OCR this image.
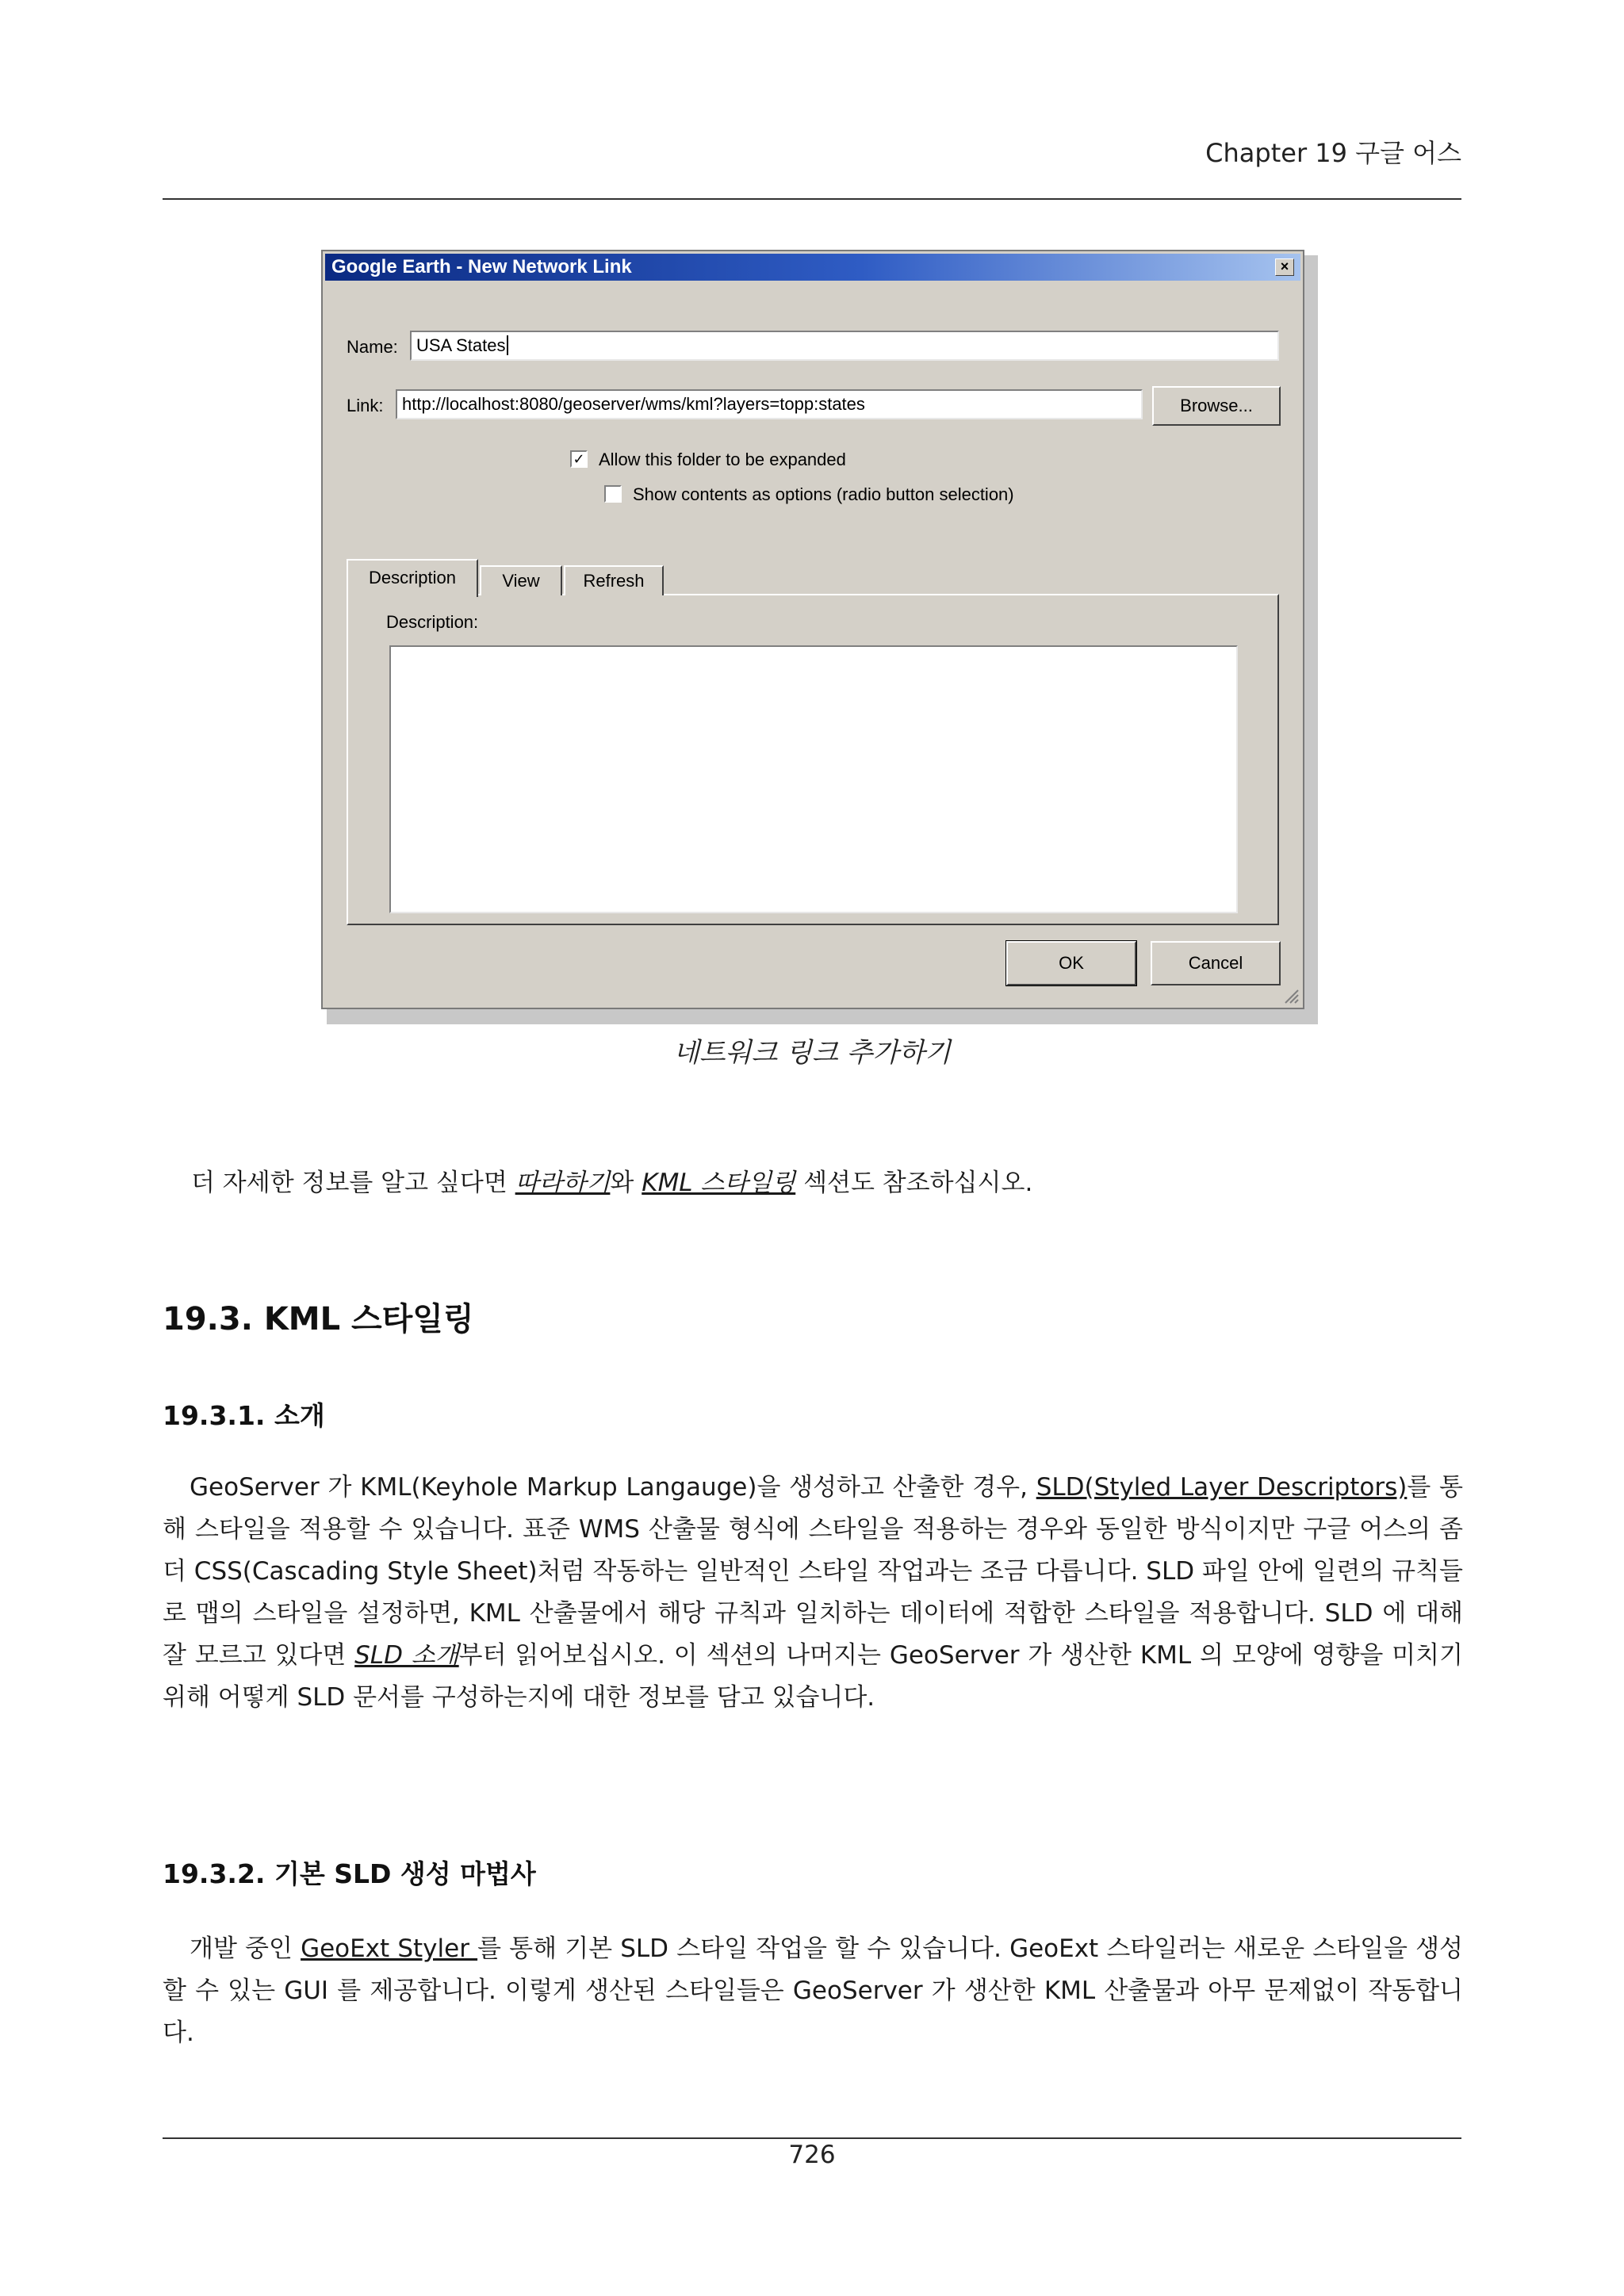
Chapter 19 구글 어스
Google Earth - New Network Link	×
Name:	USA States
Link:	http://localhost:8080/geoserver/wms/kml?layers=topp:states	Browse...
✓ Allow this folder to be expanded
Show contents as options (radio button selection)
Description	View	Refresh
Description:
OK	Cancel
네트워크 링크 추가하기

더 자세한 정보를 알고 싶다면 따라하기와 KML 스타일링 섹션도 참조하십시오.

19.3. KML 스타일링
19.3.1. 소개

GeoServer 가 KML(Keyhole Markup Langauge)을 생성하고 산출한 경우, SLD(Styled Layer Descriptors)를 통해 스타일을 적용할 수 있습니다. 표준 WMS 산출물 형식에 스타일을 적용하는 경우와 동일한 방식이지만 구글 어스의 좀 더 CSS(Cascading Style Sheet)처럼 작동하는 일반적인 스타일 작업과는 조금 다릅니다. SLD 파일 안에 일련의 규칙들로 맵의 스타일을 설정하면, KML 산출물에서 해당 규칙과 일치하는 데이터에 적합한 스타일을 적용합니다. SLD 에 대해 잘 모르고 있다면 SLD 소개부터 읽어보십시오. 이 섹션의 나머지는 GeoServer 가 생산한 KML 의 모양에 영향을 미치기 위해 어떻게 SLD 문서를 구성하는지에 대한 정보를 담고 있습니다.

19.3.2. 기본 SLD 생성 마법사

개발 중인 GeoExt Styler 를 통해 기본 SLD 스타일 작업을 할 수 있습니다. GeoExt 스타일러는 새로운 스타일을 생성할 수 있는 GUI 를 제공합니다. 이렇게 생산된 스타일들은 GeoServer 가 생산한 KML 산출물과 아무 문제없이 작동합니다.

726
